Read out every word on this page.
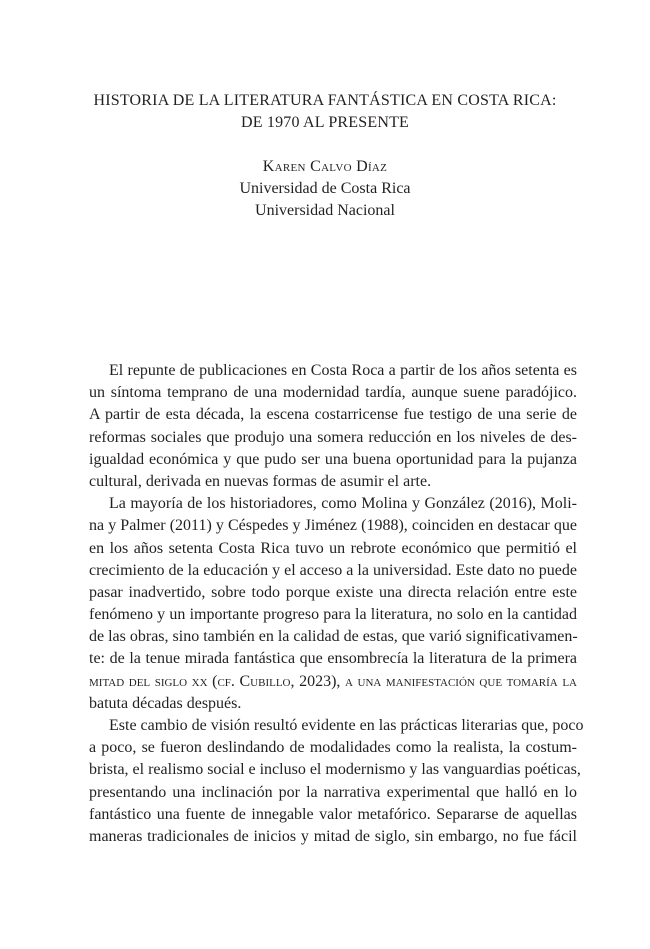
HISTORIA DE LA LITERATURA FANTÁSTICA EN COSTA RICA:
DE 1970 AL PRESENTE
Karen Calvo Díaz
Universidad de Costa Rica
Universidad Nacional
El repunte de publicaciones en Costa Roca a partir de los años setenta es
un síntoma temprano de una modernidad tardía, aunque suene paradójico.
A partir de esta década, la escena costarricense fue testigo de una serie de
reformas sociales que produjo una somera reducción en los niveles de des-
igualdad económica y que pudo ser una buena oportunidad para la pujanza
cultural, derivada en nuevas formas de asumir el arte.
La mayoría de los historiadores, como Molina y González (2016), Moli-
na y Palmer (2011) y Céspedes y Jiménez (1988), coinciden en destacar que
en los años setenta Costa Rica tuvo un rebrote económico que permitió el
crecimiento de la educación y el acceso a la universidad. Este dato no puede
pasar inadvertido, sobre todo porque existe una directa relación entre este
fenómeno y un importante progreso para la literatura, no solo en la cantidad
de las obras, sino también en la calidad de estas, que varió significativamen-
te: de la tenue mirada fantástica que ensombrecía la literatura de la primera
mitad del siglo xx (cf. Cubillo, 2023), a una manifestación que tomaría la
batuta décadas después.
Este cambio de visión resultó evidente en las prácticas literarias que, poco
a poco, se fueron deslindando de modalidades como la realista, la costum-
brista, el realismo social e incluso el modernismo y las vanguardias poéticas,
presentando una inclinación por la narrativa experimental que halló en lo
fantástico una fuente de innegable valor metafórico. Separarse de aquellas
maneras tradicionales de inicios y mitad de siglo, sin embargo, no fue fácil
